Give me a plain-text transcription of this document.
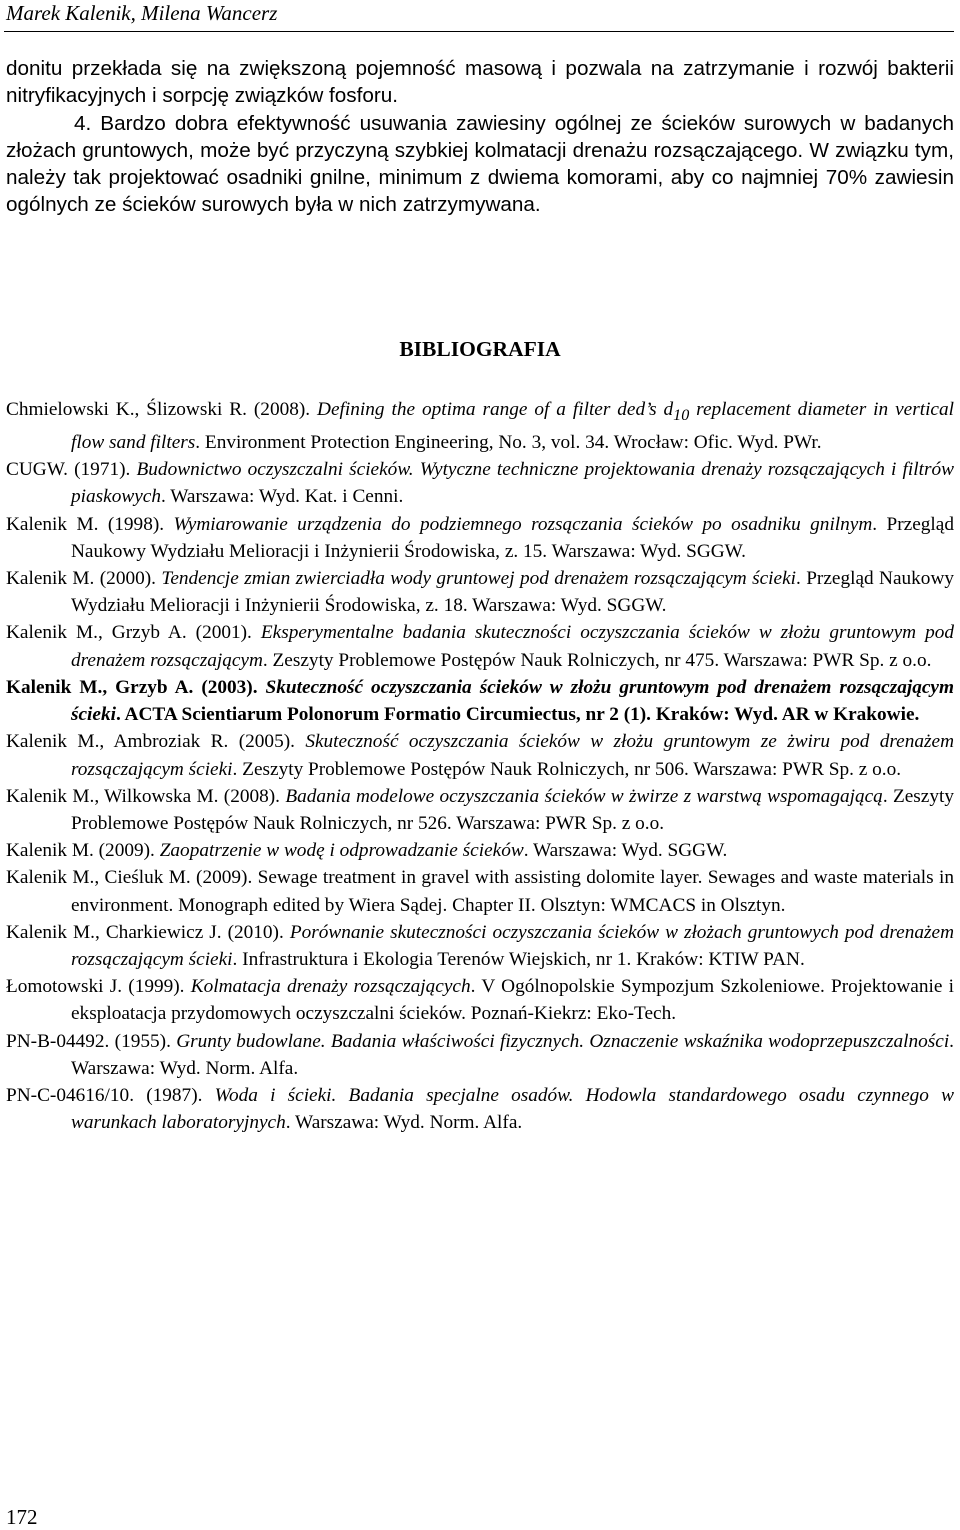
Marek Kalenik, Milena Wancerz

donitu przekłada się na zwiększoną pojemność masową i pozwala na zatrzymanie i rozwój bakterii nitryfikacyjnych i sorpcję związków fosforu.

4. Bardzo dobra efektywność usuwania zawiesiny ogólnej ze ścieków surowych w badanych złożach gruntowych, może być przyczyną szybkiej kolmatacji drenażu rozsączającego. W związku tym, należy tak projektować osadniki gnilne, minimum z dwiema komorami, aby co najmniej 70% zawiesin ogólnych ze ścieków surowych była w nich zatrzymywana.

BIBLIOGRAFIA
Chmielowski K., Ślizowski R. (2008). Defining the optima range of a filter ded’s $d_{10}$ replacement diameter in vertical flow sand filters. Environment Protection Engineering, No. 3, vol. 34. Wrocław: Ofic. Wyd. PWr.
CUGW. (1971). Budownictwo oczyszczalni ścieków. Wytyczne techniczne projektowania drenaży rozsączających i filtrów piaskowych. Warszawa: Wyd. Kat. i Cenni.
Kalenik M. (1998). Wymiarowanie urządzenia do podziemnego rozsączania ścieków po osadniku gnilnym. Przegląd Naukowy Wydziału Melioracji i Inżynierii Środowiska, z. 15. Warszawa: Wyd. SGGW.
Kalenik M. (2000). Tendencje zmian zwierciadła wody gruntowej pod drenażem rozsączającym ścieki. Przegląd Naukowy Wydziału Melioracji i Inżynierii Środowiska, z. 18. Warszawa: Wyd. SGGW.
Kalenik M., Grzyb A. (2001). Eksperymentalne badania skuteczności oczyszczania ścieków w złożu gruntowym pod drenażem rozsączającym. Zeszyty Problemowe Postępów Nauk Rolniczych, nr 475. Warszawa: PWR Sp. z o.o.
Kalenik M., Grzyb A. (2003). Skuteczność oczyszczania ścieków w złożu gruntowym pod drenażem rozsączającym ścieki. ACTA Scientiarum Polonorum Formatio Circumiectus, nr 2 (1). Kraków: Wyd. AR w Krakowie.
Kalenik M., Ambroziak R. (2005). Skuteczność oczyszczania ścieków w złożu gruntowym ze żwiru pod drenażem rozsączającym ścieki. Zeszyty Problemowe Postępów Nauk Rolniczych, nr 506. Warszawa: PWR Sp. z o.o.
Kalenik M., Wilkowska M. (2008). Badania modelowe oczyszczania ścieków w żwirze z warstwą wspomagającą. Zeszyty Problemowe Postępów Nauk Rolniczych, nr 526. Warszawa: PWR Sp. z o.o.
Kalenik M. (2009). Zaopatrzenie w wodę i odprowadzanie ścieków. Warszawa: Wyd. SGGW.
Kalenik M., Cieśluk M. (2009). Sewage treatment in gravel with assisting dolomite layer. Sewages and waste materials in environment. Monograph edited by Wiera Sądej. Chapter II. Olsztyn: WMCACS in Olsztyn.
Kalenik M., Charkiewicz J. (2010). Porównanie skuteczności oczyszczania ścieków w złożach gruntowych pod drenażem rozsączającym ścieki. Infrastruktura i Ekologia Terenów Wiejskich, nr 1. Kraków: KTIW PAN.
Łomotowski J. (1999). Kolmatacja drenaży rozsączających. V Ogólnopolskie Sympozjum Szkoleniowe. Projektowanie i eksploatacja przydomowych oczyszczalni ścieków. Poznań-Kiekrz: Eko-Tech.
PN-B-04492. (1955). Grunty budowlane. Badania właściwości fizycznych. Oznaczenie wskaźnika wodoprzepuszczalności. Warszawa: Wyd. Norm. Alfa.
PN-C-04616/10. (1987). Woda i ścieki. Badania specjalne osadów. Hodowla standardowego osadu czynnego w warunkach laboratoryjnych. Warszawa: Wyd. Norm. Alfa.
172
